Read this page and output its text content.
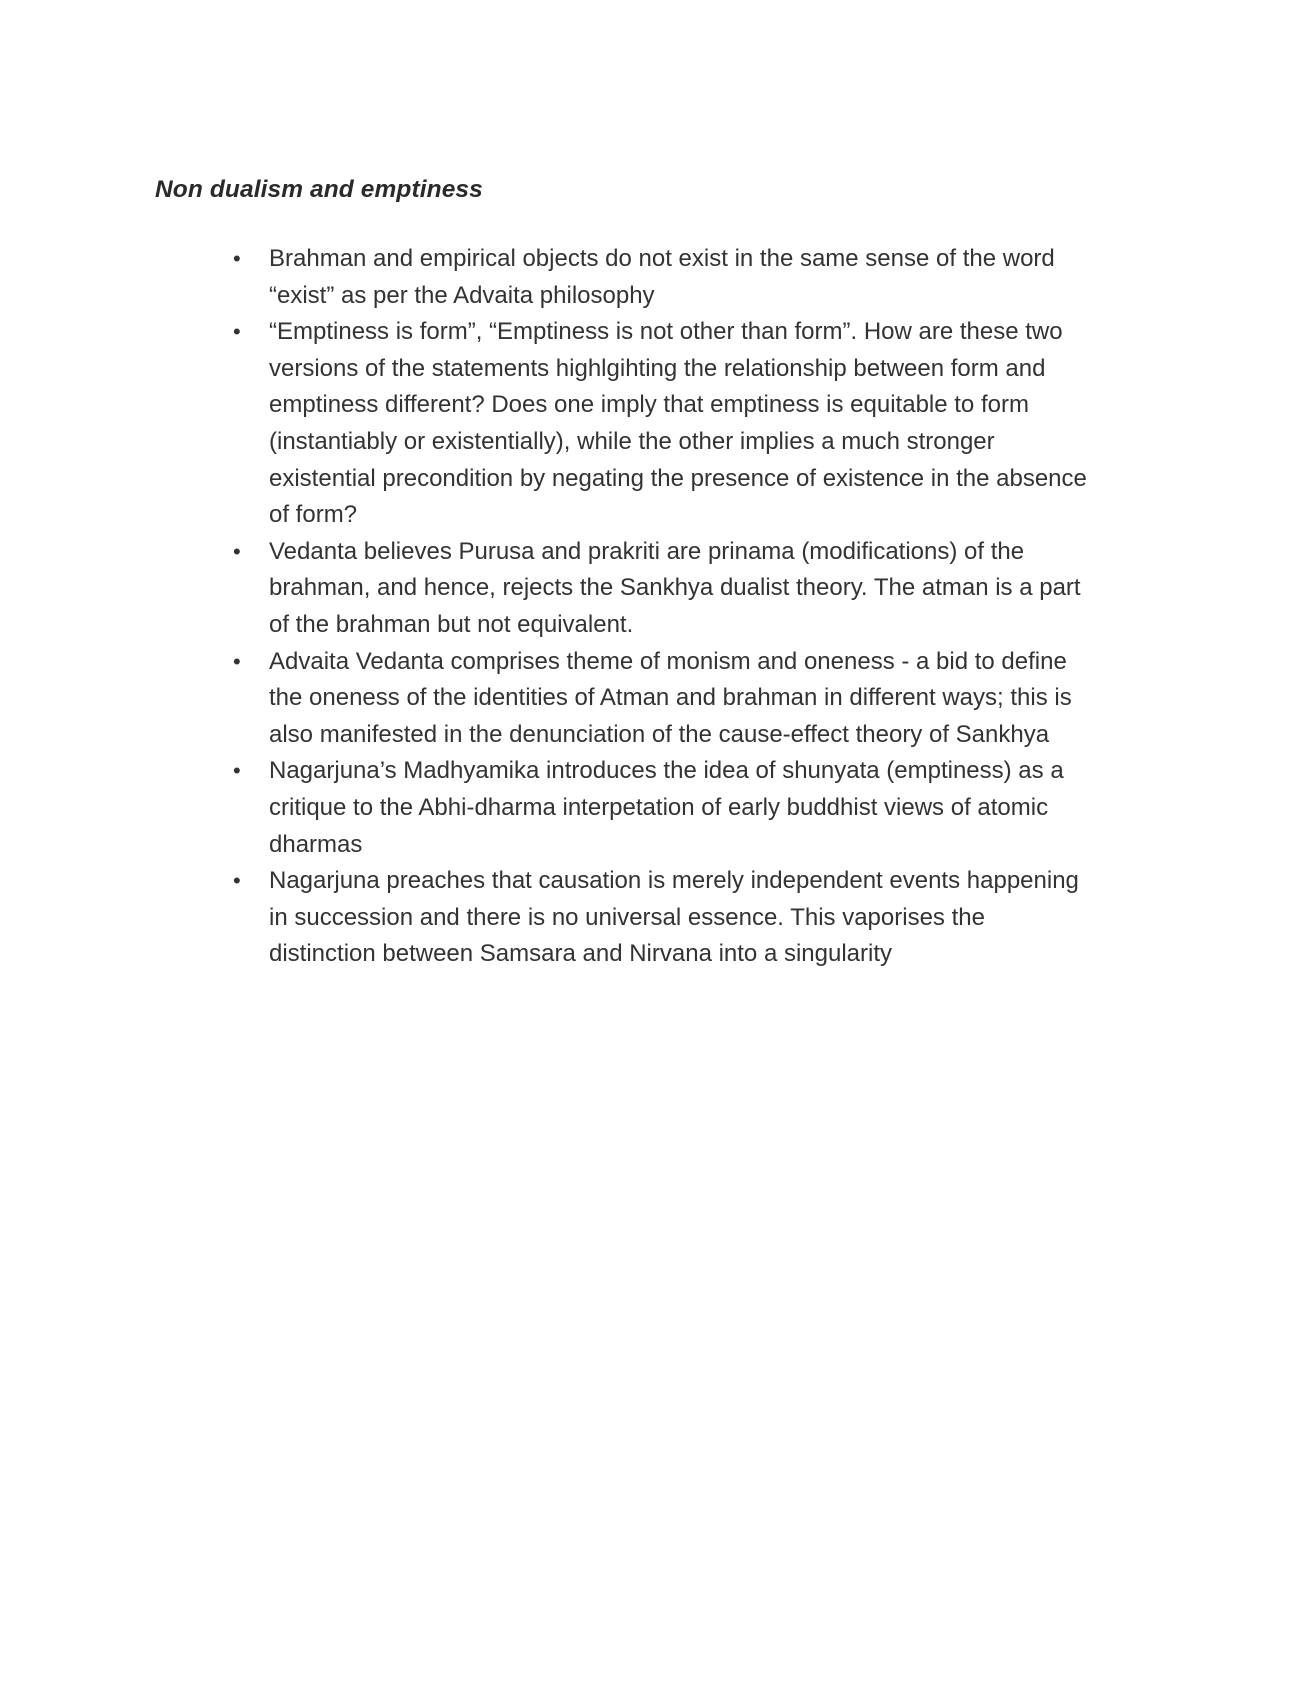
Non dualism and emptiness
• Brahman and empirical objects do not exist in the same sense of the word
“exist” as per the Advaita philosophy
• “Emptiness is form”, “Emptiness is not other than form”. How are these two
versions of the statements highlgihting the relationship between form and
emptiness different? Does one imply that emptiness is equitable to form
(instantiably or existentially), while the other implies a much stronger
existential precondition by negating the presence of existence in the absence
of form?
• Vedanta believes Purusa and prakriti are prinama (modifications) of the
brahman, and hence, rejects the Sankhya dualist theory. The atman is a part
of the brahman but not equivalent.
• Advaita Vedanta comprises theme of monism and oneness - a bid to define
the oneness of the identities of Atman and brahman in different ways; this is
also manifested in the denunciation of the cause-effect theory of Sankhya
• Nagarjuna’s Madhyamika introduces the idea of shunyata (emptiness) as a
critique to the Abhi-dharma interpetation of early buddhist views of atomic
dharmas
• Nagarjuna preaches that causation is merely independent events happening
in succession and there is no universal essence. This vaporises the
distinction between Samsara and Nirvana into a singularity
